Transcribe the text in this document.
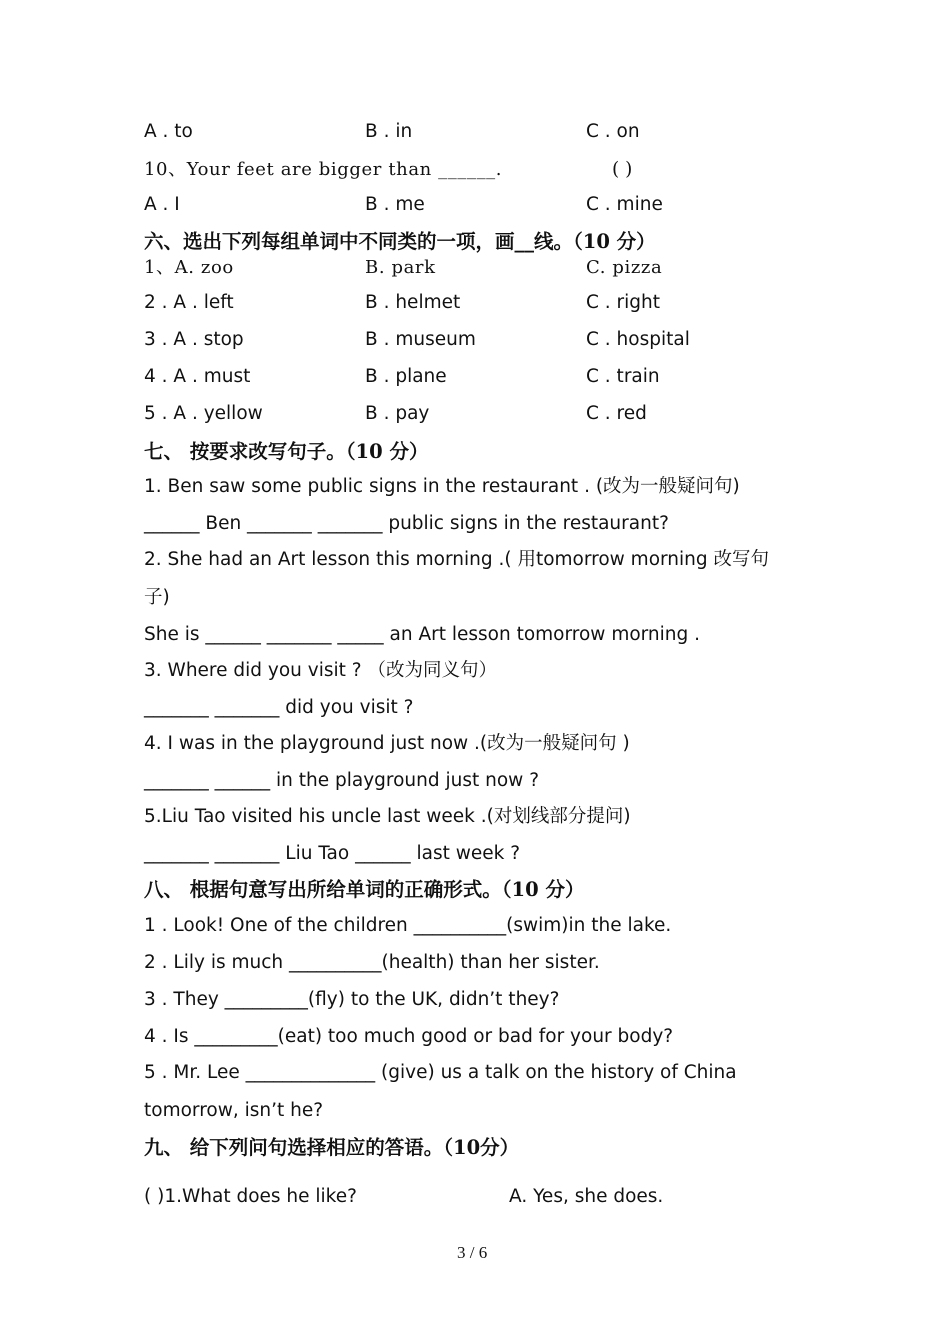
A . to	B . in	C . on
10、Your feet are bigger than ______.	( )
A . I	B . me	C . mine
六、选出下列每组单词中不同类的一项，画__线。（10 分）
1、A. zoo	B. park	C. pizza
2 . A . left	B . helmet	C . right
3 . A . stop	B . museum	C . hospital
4 . A . must	B . plane	C . train
5 . A . yellow	B . pay	C . red
七、 按要求改写句子。（10 分）
1. Ben saw some public signs in the restaurant . (改为一般疑问句)
______ Ben _______ _______ public signs in the restaurant?
2. She had an Art lesson this morning .( 用tomorrow morning 改写句
子)
She is ______ _______ _____ an Art lesson tomorrow morning .
3. Where did you visit ? （改为同义句）
_______ _______ did you visit ?
4. I was in the playground just now .(改为一般疑问句 )
_______ ______ in the playground just now ?
5.Liu Tao visited his uncle last week .(对划线部分提问)
_______ _______ Liu Tao ______ last week ?
八、 根据句意写出所给单词的正确形式。（10 分）
1 . Look! One of the children __________(swim)in the lake.
2 . Lily is much __________(health) than her sister.
3 . They _________(fly) to the UK, didn’t they?
4 . Is _________(eat) too much good or bad for your body?
5 . Mr. Lee ______________ (give) us a talk on the history of China
tomorrow, isn’t he?
九、 给下列问句选择相应的答语。（10分）
( )1.What does he like?	A. Yes, she does.
3 / 6
